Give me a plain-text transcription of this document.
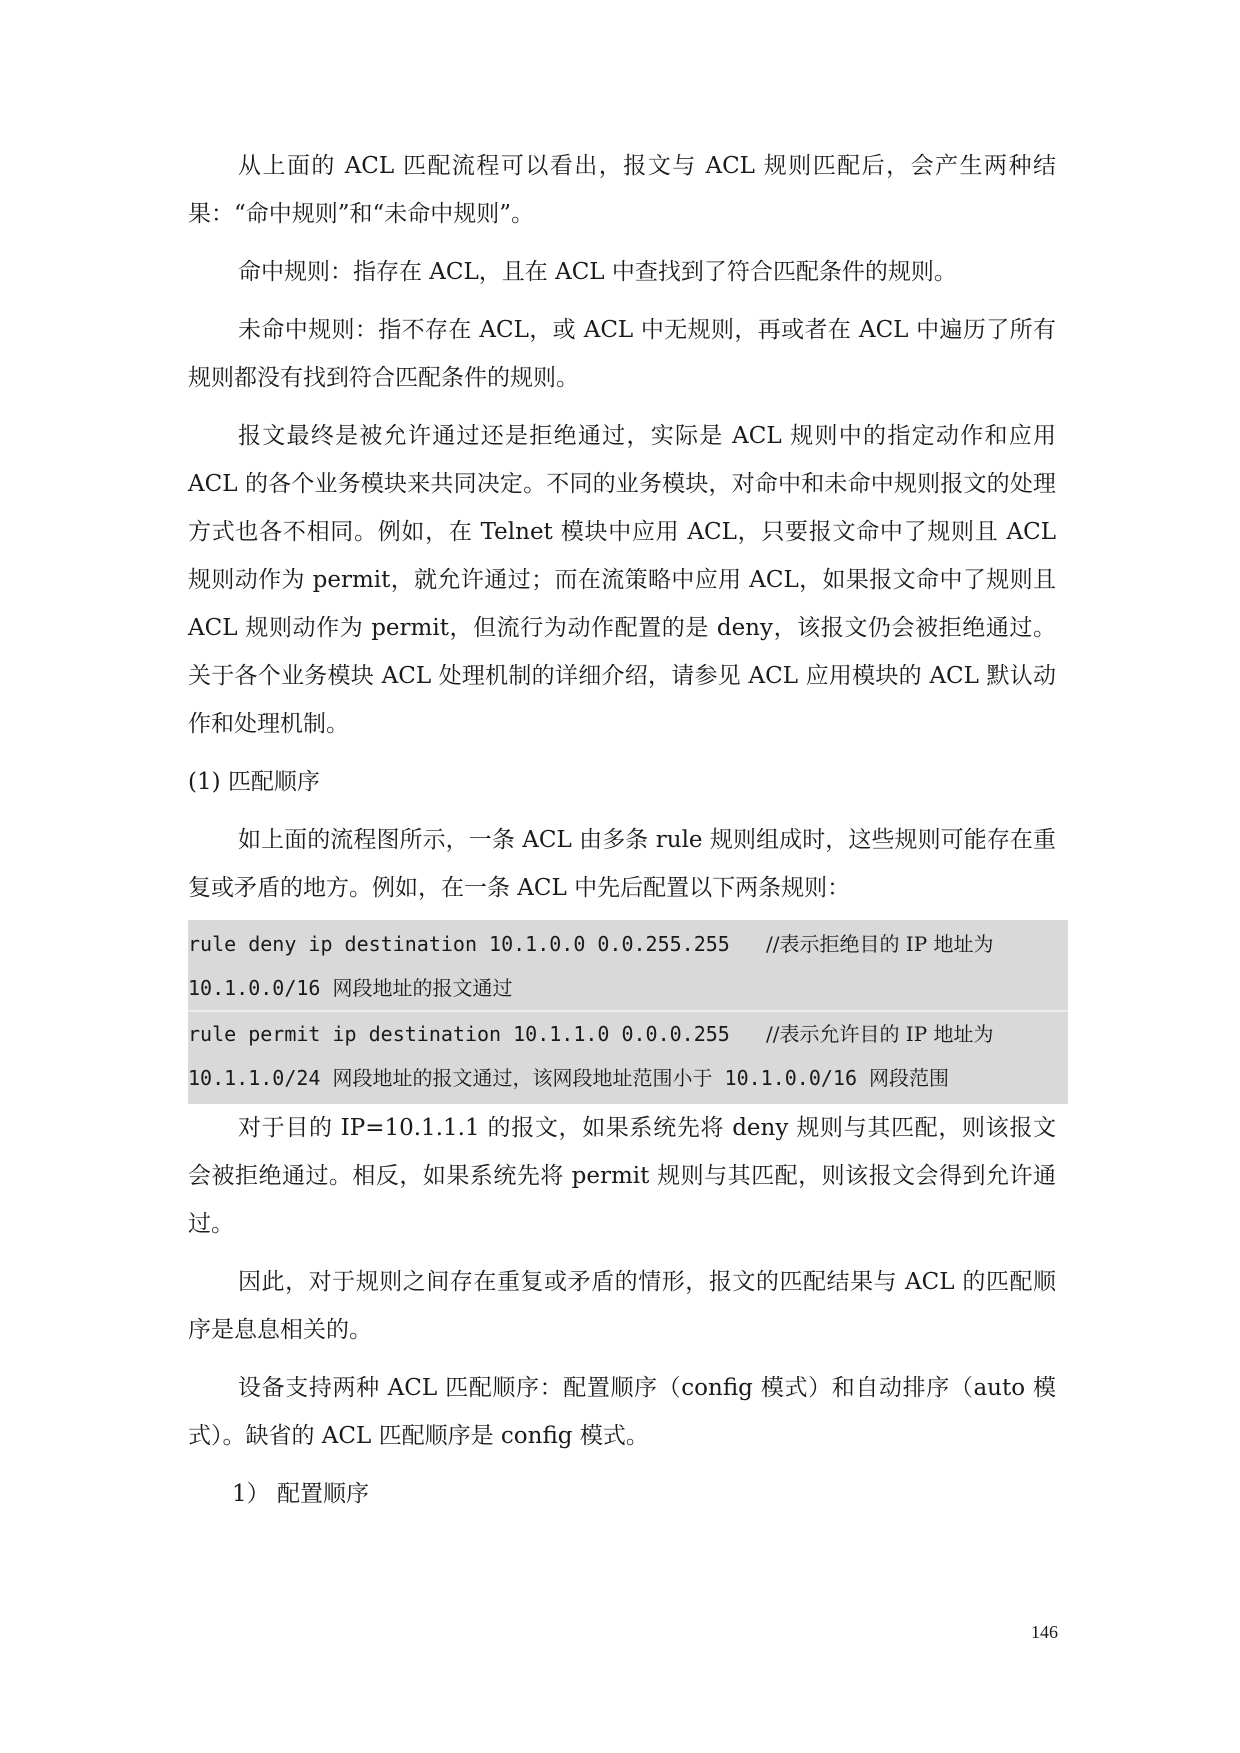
从上面的 ACL 匹配流程可以看出，报文与 ACL 规则匹配后，会产生两种结果：“命中规则”和“未命中规则”。

命中规则：指存在 ACL，且在 ACL 中查找到了符合匹配条件的规则。

未命中规则：指不存在 ACL，或 ACL 中无规则，再或者在 ACL 中遍历了所有规则都没有找到符合匹配条件的规则。

报文最终是被允许通过还是拒绝通过，实际是 ACL 规则中的指定动作和应用 ACL 的各个业务模块来共同决定。不同的业务模块，对命中和未命中规则报文的处理方式也各不相同。例如，在 Telnet 模块中应用 ACL，只要报文命中了规则且 ACL 规则动作为 permit，就允许通过；而在流策略中应用 ACL，如果报文命中了规则且 ACL 规则动作为 permit，但流行为动作配置的是 deny，该报文仍会被拒绝通过。关于各个业务模块 ACL 处理机制的详细介绍，请参见 ACL 应用模块的 ACL 默认动作和处理机制。

(1) 匹配顺序

如上面的流程图所示，一条 ACL 由多条 rule 规则组成时，这些规则可能存在重复或矛盾的地方。例如，在一条 ACL 中先后配置以下两条规则：

rule deny ip destination 10.1.0.0 0.0.255.255   //表示拒绝目的 IP 地址为
10.1.0.0/16 网段地址的报文通过
rule permit ip destination 10.1.1.0 0.0.0.255   //表示允许目的 IP 地址为
10.1.1.0/24 网段地址的报文通过，该网段地址范围小于 10.1.0.0/16 网段范围

对于目的 IP=10.1.1.1 的报文，如果系统先将 deny 规则与其匹配，则该报文会被拒绝通过。相反，如果系统先将 permit 规则与其匹配，则该报文会得到允许通过。

因此，对于规则之间存在重复或矛盾的情形，报文的匹配结果与 ACL 的匹配顺序是息息相关的。

设备支持两种 ACL 匹配顺序：配置顺序（config 模式）和自动排序（auto 模式）。缺省的 ACL 匹配顺序是 config 模式。

1） 配置顺序

146
